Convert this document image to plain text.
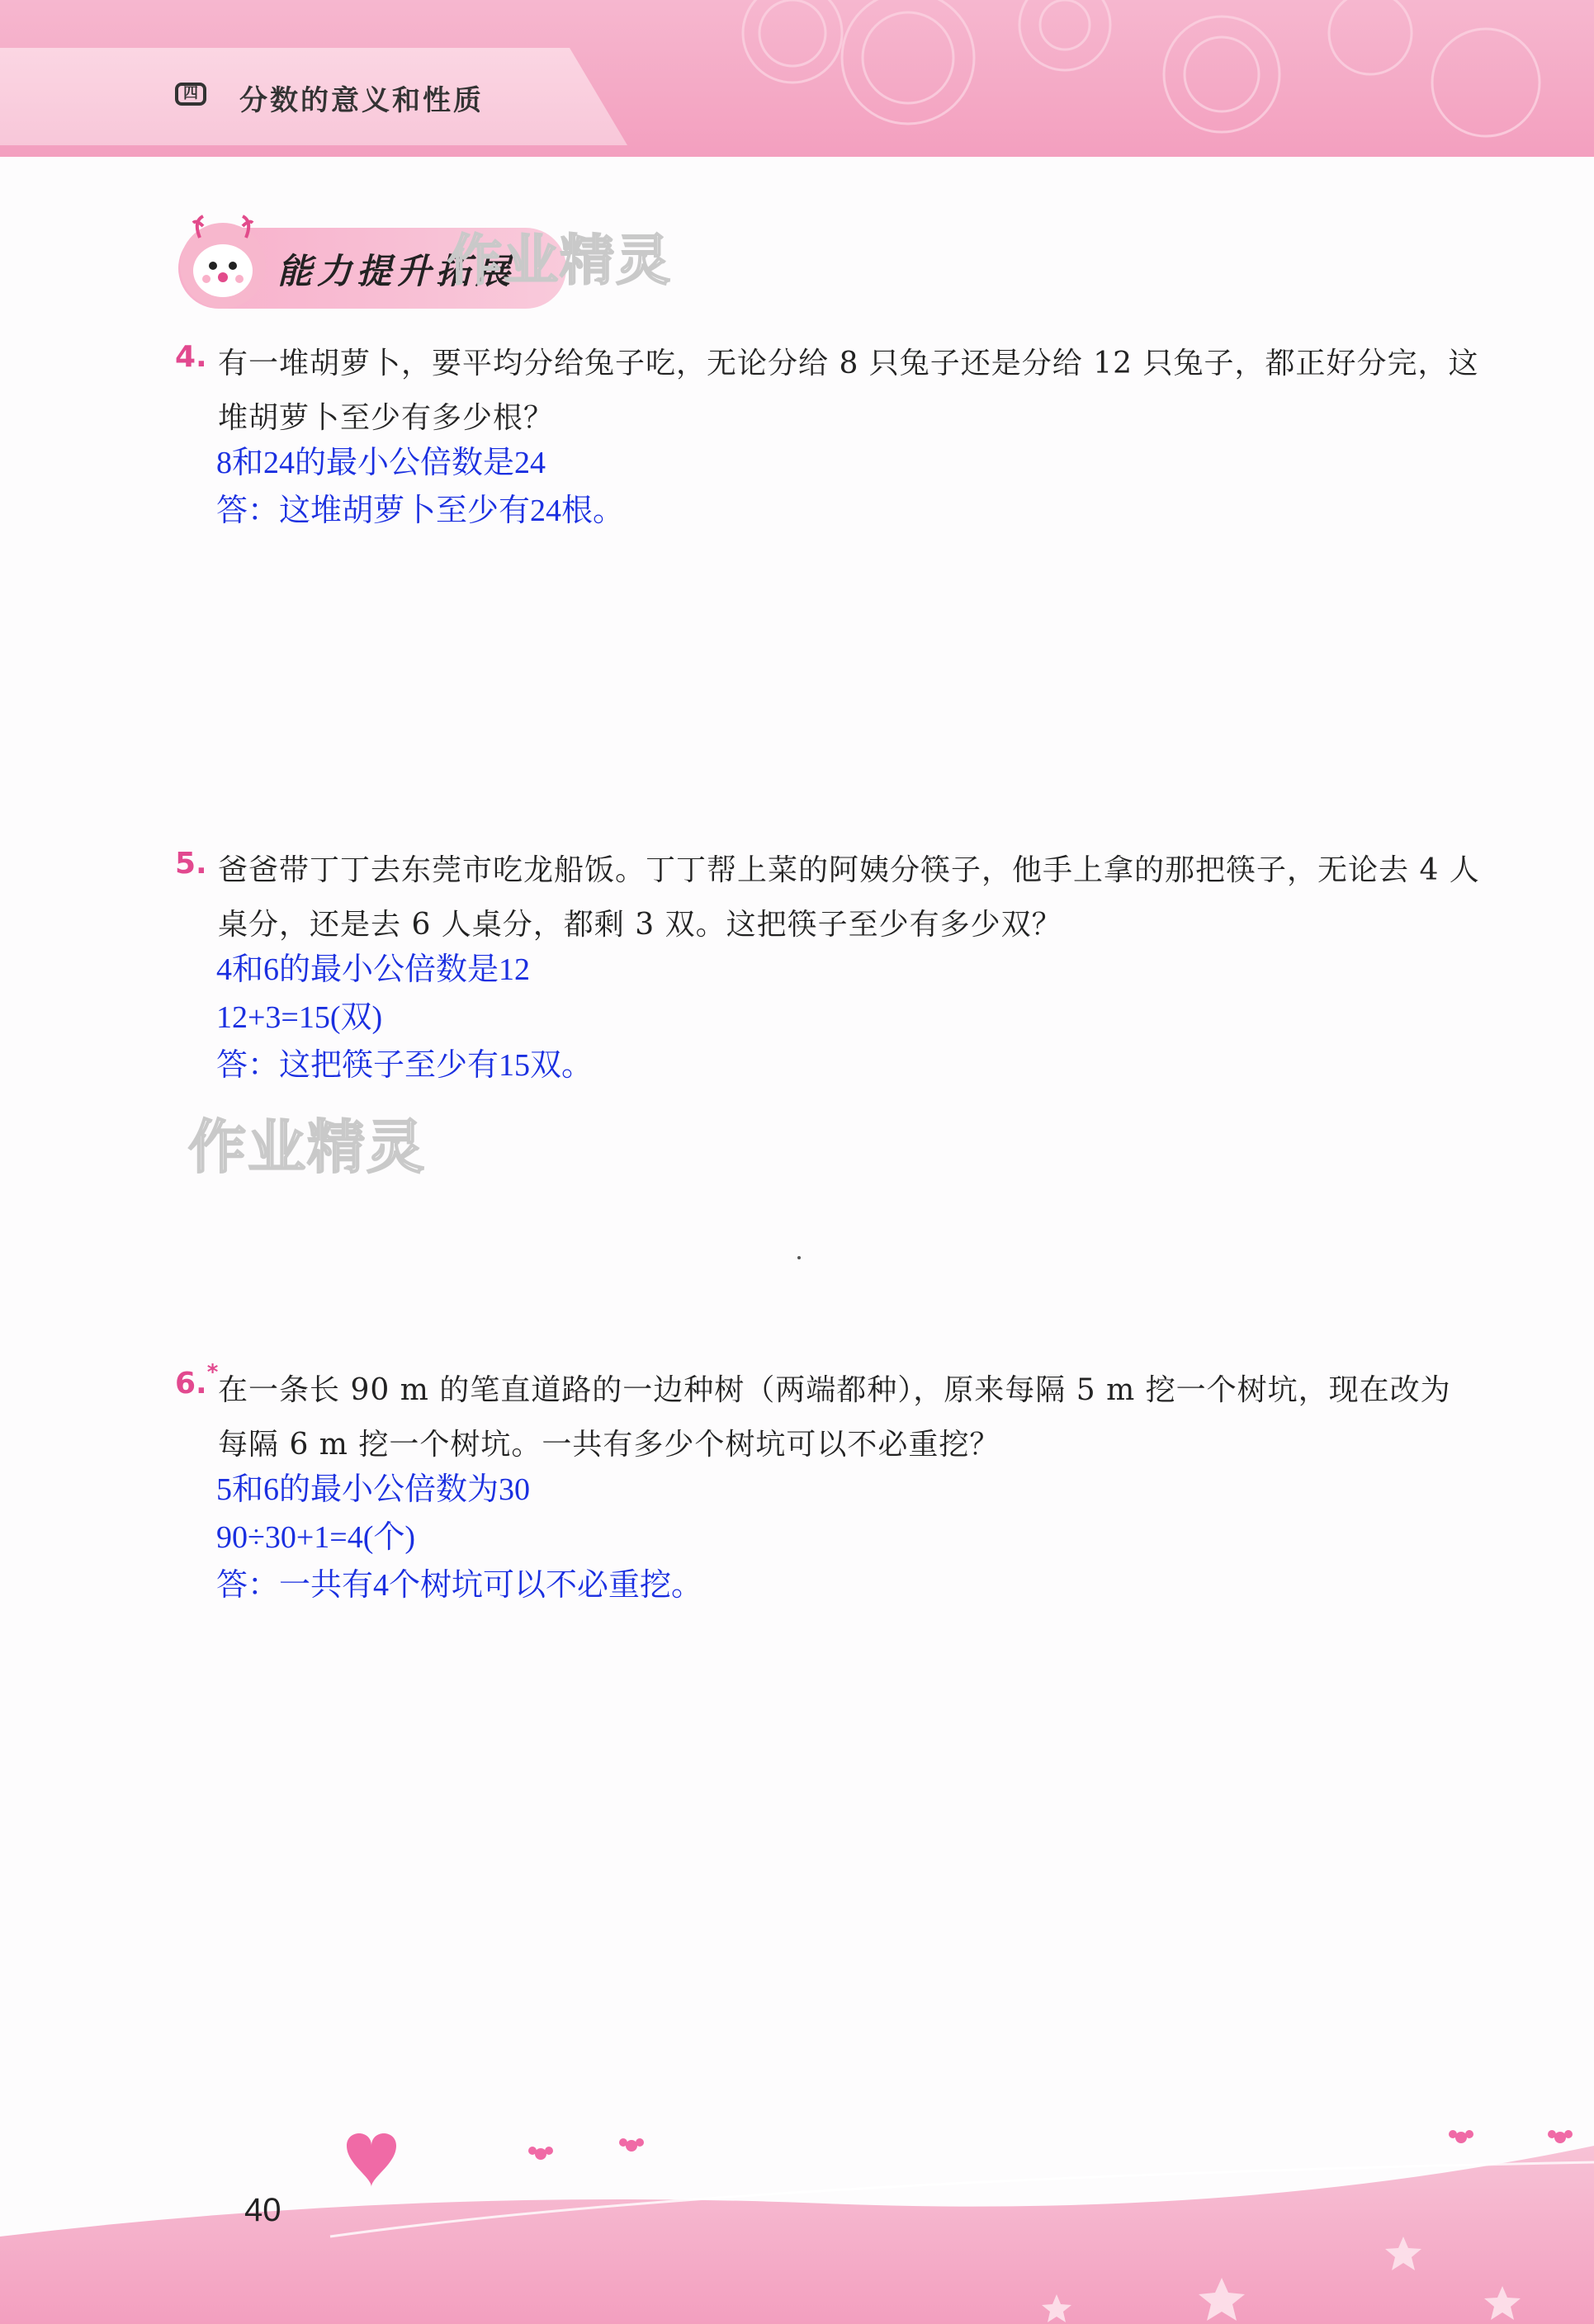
四 分数的意义和性质
能力提升拓展
作业精灵
4. 有一堆胡萝卜，要平均分给兔子吃，无论分给 8 只兔子还是分给 12 只兔子，都正好分完，这堆胡萝卜至少有多少根？
8和24的最小公倍数是24
答：这堆胡萝卜至少有24根。
5. 爸爸带丁丁去东莞市吃龙船饭。丁丁帮上菜的阿姨分筷子，他手上拿的那把筷子，无论去 4 人桌分，还是去 6 人桌分，都剩 3 双。这把筷子至少有多少双？
4和6的最小公倍数是12
12+3=15(双)
答：这把筷子至少有15双。
作业精灵
6.*
在一条长 90 m 的笔直道路的一边种树（两端都种），原来每隔 5 m 挖一个树坑，现在改为每隔 6 m 挖一个树坑。一共有多少个树坑可以不必重挖？
5和6的最小公倍数为30
90÷30+1=4(个)
答：一共有4个树坑可以不必重挖。
40
